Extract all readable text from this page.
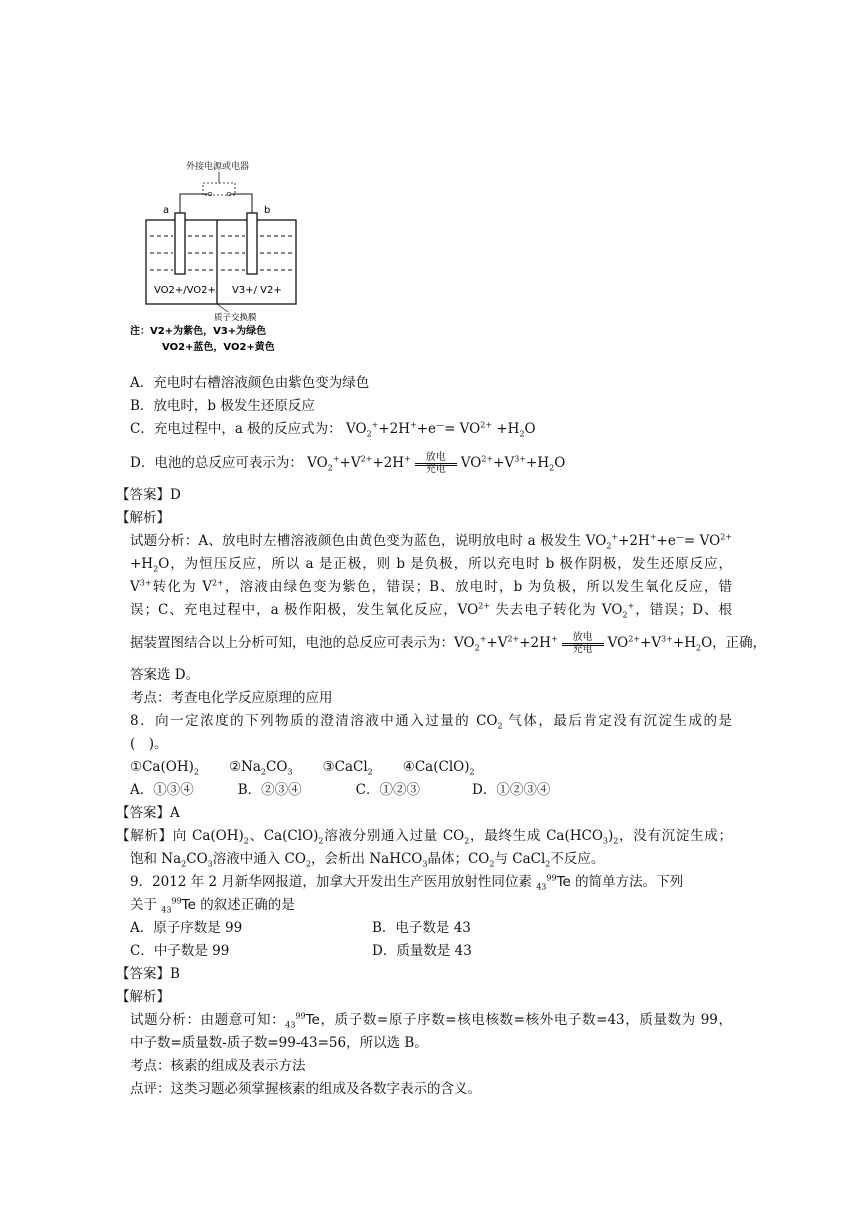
外接电源或电器
a	b
VO2+/VO2+ V3+/ V2+
质子交换膜
注：V2+为紫色，V3+为绿色
VO2+蓝色，VO2+黄色
A．充电时右槽溶液颜色由紫色变为绿色
B．放电时，b 极发生还原反应
C．充电过程中，a 极的反应式为： $VO_2^++2H^++e^—= VO^{2+} +H_2O$
D．电池的总反应可表示为： $VO_2^++V^{2+}+2H^+$	放电
充电	$VO^{2+}+V^{3+}+H_2O$
【答案】D
【解析】
试题分析：A、放电时左槽溶液颜色由黄色变为蓝色，说明放电时 a 极发生 $VO_2^++2H^++e^—= VO^{2+}$
$+H_2O$，为恒压反应，所以 a 是正极，则 b 是负极，所以充电时 b 极作阴极，发生还原反应，
$V^{3+}$转化为 $V^{2+}$，溶液由绿色变为紫色，错误；B、放电时，b 为负极，所以发生氧化反应，错
误；C、充电过程中，a 极作阳极，发生氧化反应，$VO^{2+}$ 失去电子转化为 $VO_2^+$，错误；D、根
据装置图结合以上分析可知，电池的总反应可表示为：$VO_2^++V^{2+}+2H^+$	放电
充电	$VO^{2+}+V^{3+}+H_2O$，正确，
答案选 D。
考点：考查电化学反应原理的应用
8．向一定浓度的下列物质的澄清溶液中通入过量的 $CO_2$ 气体，最后肯定没有沉淀生成的是
(　)。
$①Ca(OH)_2$ $②Na_2CO_3$ ③CaCl$_2$ $④Ca(ClO)_2$
A．①③④	B．②③④	C．①②③	D．①②③④
【答案】A
【解析】向 $Ca(OH)_2$、$Ca(ClO)_2$溶液分别通入过量 $CO_2$，最终生成 $Ca(HCO_3)_2$，没有沉淀生成；
饱和 $Na_2CO_3$溶液中通入 $CO_2$，会析出 NaHCO$_3$晶体；$CO_2$与 CaCl$_2$不反应。
9．2012 年 2 月新华网报道，加拿大开发出生产医用放射性同位素 $_{43}^{99}$Te 的简单方法。下列
关于 $_{43}^{99}$Te 的叙述正确的是
A．原子序数是 99	B．电子数是 43
C．中子数是 99	D．质量数是 43
【答案】B
【解析】
试题分析：由题意可知：$_{43}^{99}$Te，质子数=原子序数=核电核数=核外电子数=43，质量数为 99，
中子数=质量数-质子数=99-43=56，所以选 B。
考点：核素的组成及表示方法
点评：这类习题必须掌握核素的组成及各数字表示的含义。
